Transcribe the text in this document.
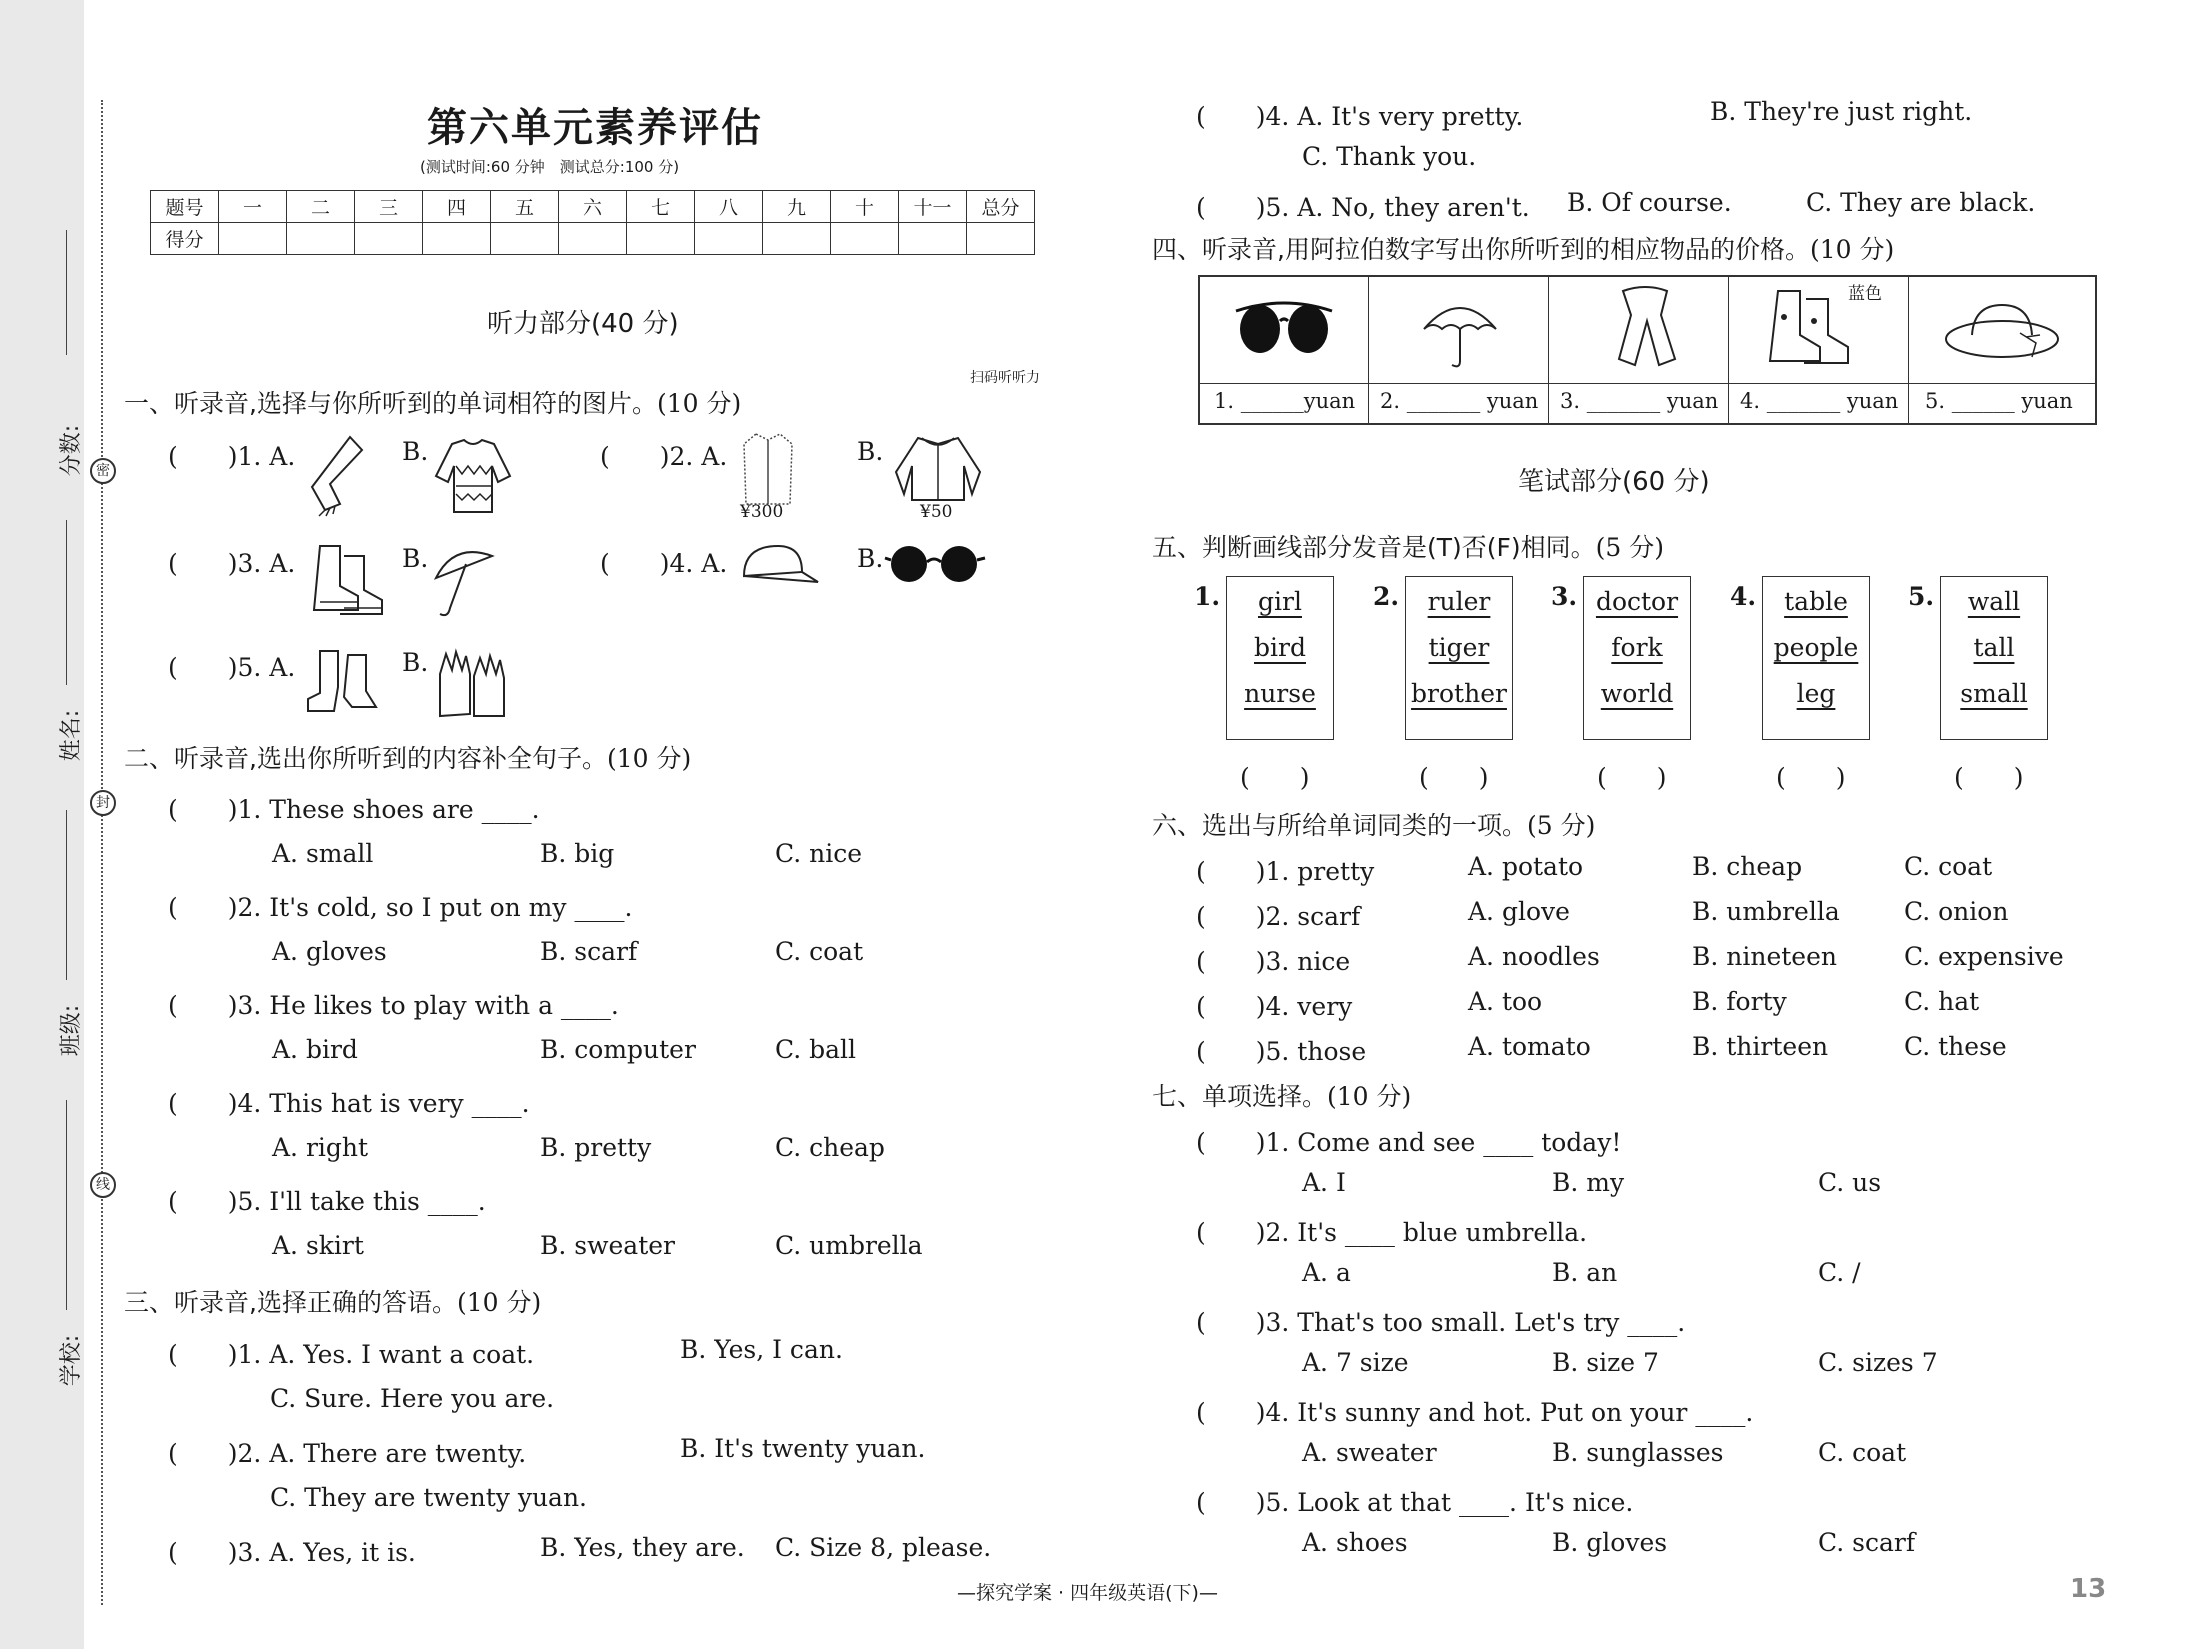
密
封
线
分数:
姓名:
班级:
学校:
第六单元素养评估
(测试时间:60 分钟　测试总分:100 分)
题号	一	二	三	四	五	六	七	八	九	十	十一	总分
得分												
听力部分(40 分)
扫码听听力
一、听录音,选择与你所听到的单词相符的图片。(10 分)
(　　)1. A.	B.	(　　)2. A.	B.
(　　)3. A.	B.	(　　)4. A.	B.
(　　)5. A.	B.
¥300	¥50
二、听录音,选出你所听到的内容补全句子。(10 分)
(　　)1. These shoes are ____.
A. small	B. big	C. nice
(　　)2. It's cold, so I put on my ____.
A. gloves	B. scarf	C. coat
(　　)3. He likes to play with a ____.
A. bird	B. computer	C. ball
(　　)4. This hat is very ____.
A. right	B. pretty	C. cheap
(　　)5. I'll take this ____.
A. skirt	B. sweater	C. umbrella
三、听录音,选择正确的答语。(10 分)
(　　)1. A. Yes. I want a coat.	B. Yes, I can.
C. Sure. Here you are.
(　　)2. A. There are twenty.	B. It's twenty yuan.
C. They are twenty yuan.
(　　)3. A. Yes, it is.	B. Yes, they are. C. Size 8, please.
(　　)4. A. It's very pretty.	B. They're just right.
C. Thank you.
(　　)5. A. No, they aren't. B. Of course.	C. They are black.
四、听录音,用阿拉伯数字写出你所听到的相应物品的价格。(10 分)
蓝色
1. ______yuan 2. _______ yuan 3. _______ yuan 4. _______ yuan 5. ______ yuan
笔试部分(60 分)
五、判断画线部分发音是(T)否(F)相同。(5 分)
1.	girl
bird
nurse
(　　)
2.	ruler
tiger
brother
(　　)
3. doctor
fork
world
(　　)
4.	table
people
leg
(　　)
5.	wall
tall
small
(　　)
六、选出与所给单词同类的一项。(5 分)
(　　)1. pretty	A. potato	B. cheap	C. coat
(　　)2. scarf	A. glove	B. umbrella	C. onion
(　　)3. nice	A. noodles	B. nineteen	C. expensive
(　　)4. very	A. too	B. forty	C. hat
(　　)5. those	A. tomato	B. thirteen	C. these
七、单项选择。(10 分)
(　　)1. Come and see ____ today!
A. I	B. my	C. us
(　　)2. It's ____ blue umbrella.
A. a	B. an	C. /
(　　)3. That's too small. Let's try ____.
A. 7 size	B. size 7	C. sizes 7
(　　)4. It's sunny and hot. Put on your ____.
A. sweater	B. sunglasses	C. coat
(　　)5. Look at that ____. It's nice.
A. shoes	B. gloves	C. scarf
—探究学案 · 四年级英语(下)—	13
